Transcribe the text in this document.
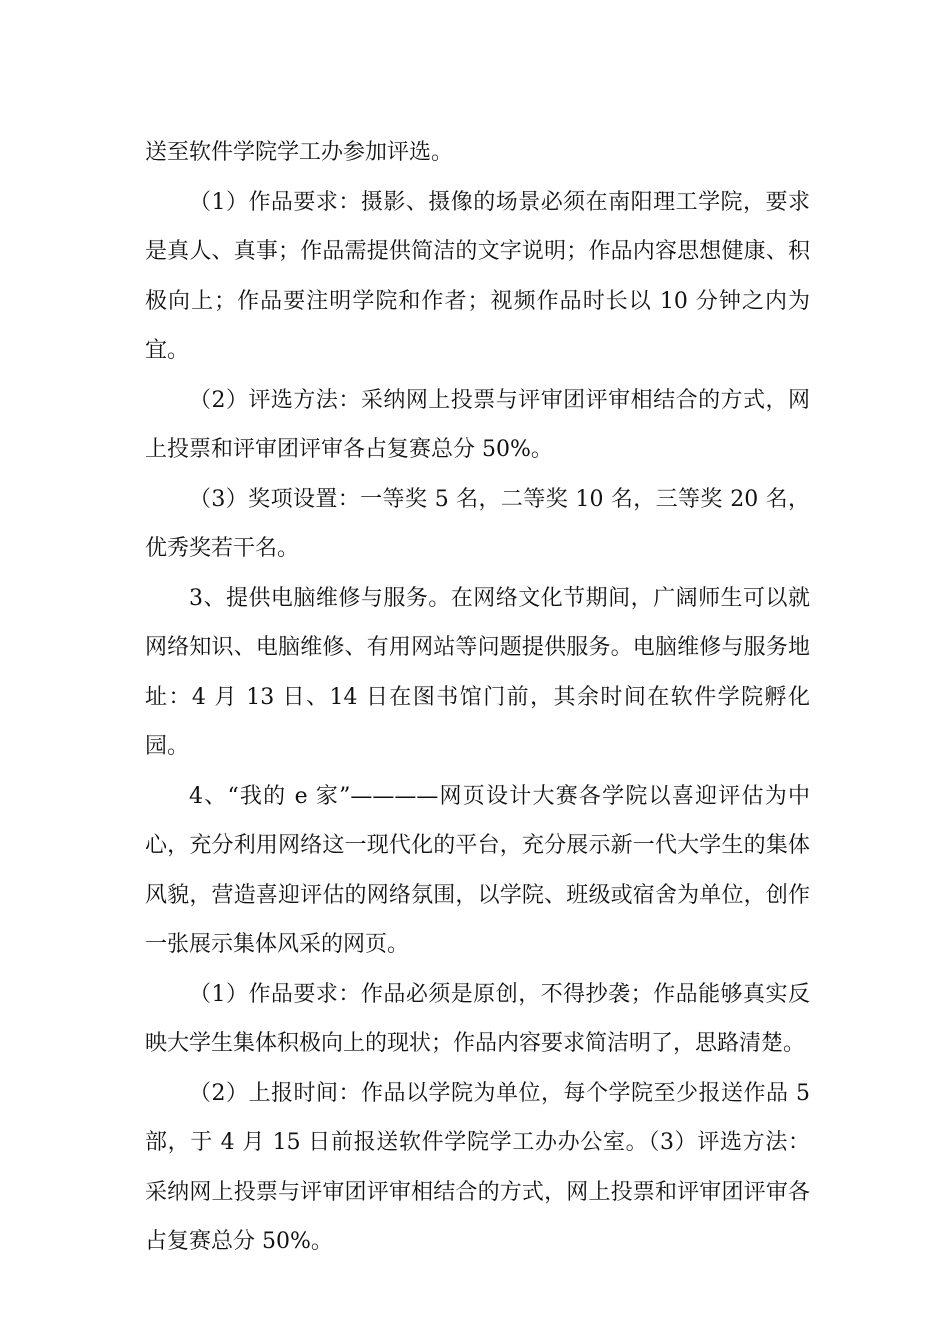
送至软件学院学工办参加评选。

（1）作品要求：摄影、摄像的场景必须在南阳理工学院，要求是真人、真事；作品需提供简洁的文字说明；作品内容思想健康、积极向上；作品要注明学院和作者；视频作品时长以 10 分钟之内为宜。

（2）评选方法：采纳网上投票与评审团评审相结合的方式，网上投票和评审团评审各占复赛总分 50%。

（3）奖项设置：一等奖 5 名，二等奖 10 名，三等奖 20 名，优秀奖若干名。

3、提供电脑维修与服务。在网络文化节期间，广阔师生可以就网络知识、电脑维修、有用网站等问题提供服务。电脑维修与服务地址：4 月 13 日、14 日在图书馆门前，其余时间在软件学院孵化园。

4、“我的 e 家”————网页设计大赛各学院以喜迎评估为中心，充分利用网络这一现代化的平台，充分展示新一代大学生的集体风貌，营造喜迎评估的网络氛围，以学院、班级或宿舍为单位，创作一张展示集体风采的网页。

（1）作品要求：作品必须是原创，不得抄袭；作品能够真实反映大学生集体积极向上的现状；作品内容要求简洁明了，思路清楚。

（2）上报时间：作品以学院为单位，每个学院至少报送作品 5 部，于 4 月 15 日前报送软件学院学工办办公室。（3）评选方法：采纳网上投票与评审团评审相结合的方式，网上投票和评审团评审各占复赛总分 50%。
